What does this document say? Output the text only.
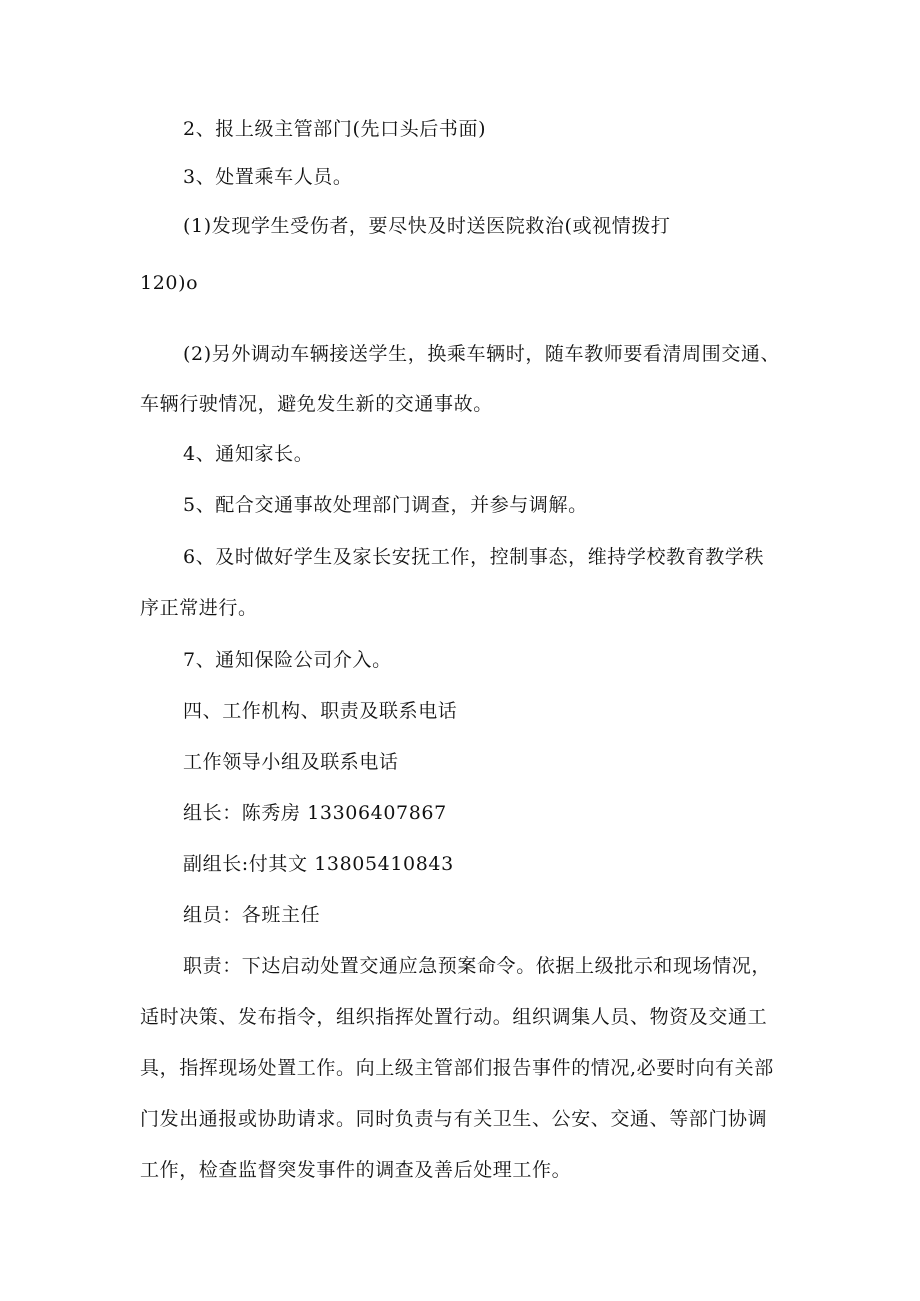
2、报上级主管部门(先口头后书面)
3、处置乘车人员。
(1)发现学生受伤者，要尽快及时送医院救治(或视情拨打
120)o
(2)另外调动车辆接送学生，换乘车辆时，随车教师要看清周围交通、
车辆行驶情况，避免发生新的交通事故。
4、通知家长。
5、配合交通事故处理部门调查，并参与调解。
6、及时做好学生及家长安抚工作，控制事态，维持学校教育教学秩
序正常进行。
7、通知保险公司介入。
四、工作机构、职责及联系电话
工作领导小组及联系电话
组长：陈秀房 13306407867
副组长:付其文 13805410843
组员：各班主任
职责：下达启动处置交通应急预案命令。依据上级批示和现场情况，
适时决策、发布指令，组织指挥处置行动。组织调集人员、物资及交通工
具，指挥现场处置工作。向上级主管部们报告事件的情况,必要时向有关部
门发出通报或协助请求。同时负责与有关卫生、公安、交通、等部门协调
工作，检查监督突发事件的调查及善后处理工作。
